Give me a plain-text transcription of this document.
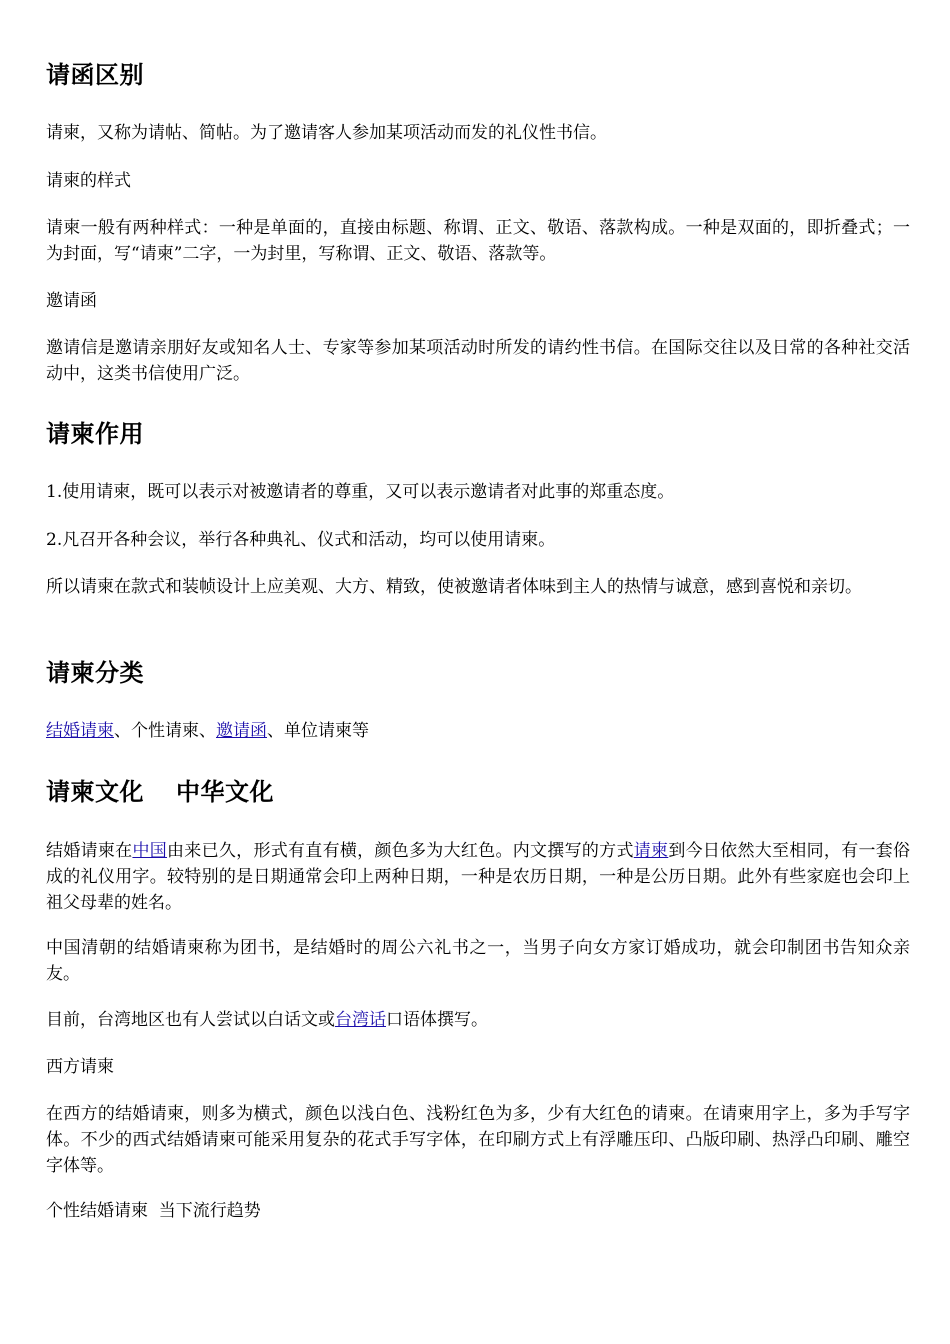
请函区别

请柬，又称为请帖、简帖。为了邀请客人参加某项活动而发的礼仪性书信。

请柬的样式

请柬一般有两种样式：一种是单面的，直接由标题、称谓、正文、敬语、落款构成。一种是双面的，即折叠式；一为封面，写“请柬”二字，一为封里，写称谓、正文、敬语、落款等。

邀请函

邀请信是邀请亲朋好友或知名人士、专家等参加某项活动时所发的请约性书信。在国际交往以及日常的各种社交活动中，这类书信使用广泛。

请柬作用

1.使用请柬，既可以表示对被邀请者的尊重，又可以表示邀请者对此事的郑重态度。

2.凡召开各种会议，举行各种典礼、仪式和活动，均可以使用请柬。

所以请柬在款式和装帧设计上应美观、大方、精致，使被邀请者体味到主人的热情与诚意，感到喜悦和亲切。

请柬分类

结婚请柬、个性请柬、邀请函、单位请柬等

请柬文化 中华文化

结婚请柬在中国由来已久，形式有直有横，颜色多为大红色。内文撰写的方式请柬到今日依然大至相同，有一套俗成的礼仪用字。较特别的是日期通常会印上两种日期，一种是农历日期，一种是公历日期。此外有些家庭也会印上祖父母辈的姓名。

中国清朝的结婚请柬称为团书，是结婚时的周公六礼书之一，当男子向女方家订婚成功，就会印制团书告知众亲友。

目前，台湾地区也有人尝试以白话文或台湾话口语体撰写。

西方请柬

在西方的结婚请柬，则多为横式，颜色以浅白色、浅粉红色为多，少有大红色的请柬。在请柬用字上，多为手写字体。不少的西式结婚请柬可能采用复杂的花式手写字体，在印刷方式上有浮雕压印、凸版印刷、热浮凸印刷、雕空字体等。

个性结婚请柬  当下流行趋势
